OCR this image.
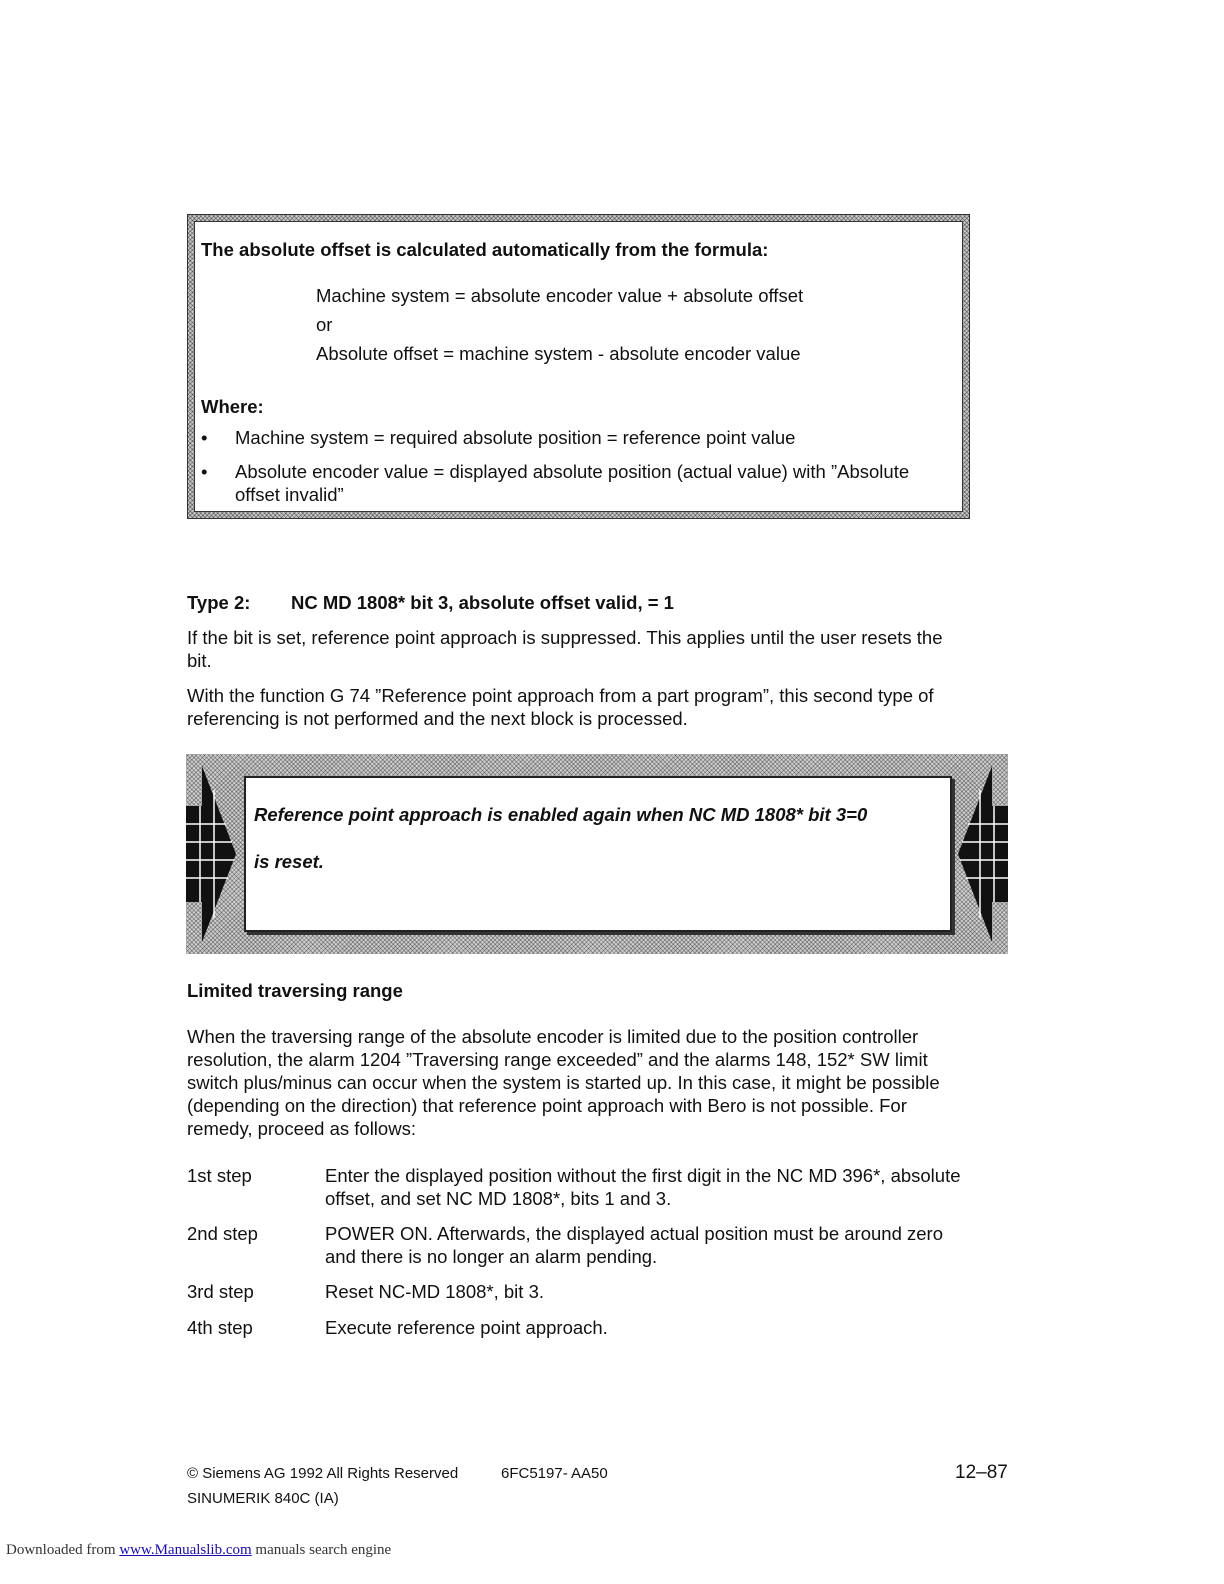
The absolute offset is calculated automatically from the formula:
Machine system = absolute encoder value + absolute offset
or
Absolute offset = machine system - absolute encoder value
Where:
• Machine system = required absolute position = reference point value
• Absolute encoder value = displayed absolute position (actual value) with ”Absolute
offset invalid”
Type 2: NC MD 1808* bit 3, absolute offset valid, = 1
If the bit is set, reference point approach is suppressed. This applies until the user resets the
bit.
With the function G 74 ”Reference point approach from a part program”, this second type of
referencing is not performed and the next block is processed.
Reference point approach is enabled again when NC MD 1808* bit 3=0
is reset.
Limited traversing range
When the traversing range of the absolute encoder is limited due to the position controller
resolution, the alarm 1204 ”Traversing range exceeded” and the alarms 148, 152* SW limit
switch plus/minus can occur when the system is started up. In this case, it might be possible
(depending on the direction) that reference point approach with Bero is not possible. For
remedy, proceed as follows:
1st step	Enter the displayed position without the first digit in the NC MD 396*, absolute
offset, and set NC MD 1808*, bits 1 and 3.
2nd step	POWER ON. Afterwards, the displayed actual position must be around zero
and there is no longer an alarm pending.
3rd step	Reset NC-MD 1808*, bit 3.
4th step	Execute reference point approach.
© Siemens AG 1992 All Rights Reserved	6FC5197- AA50	12–87
SINUMERIK 840C (IA)
Downloaded from www.Manualslib.com manuals search engine
